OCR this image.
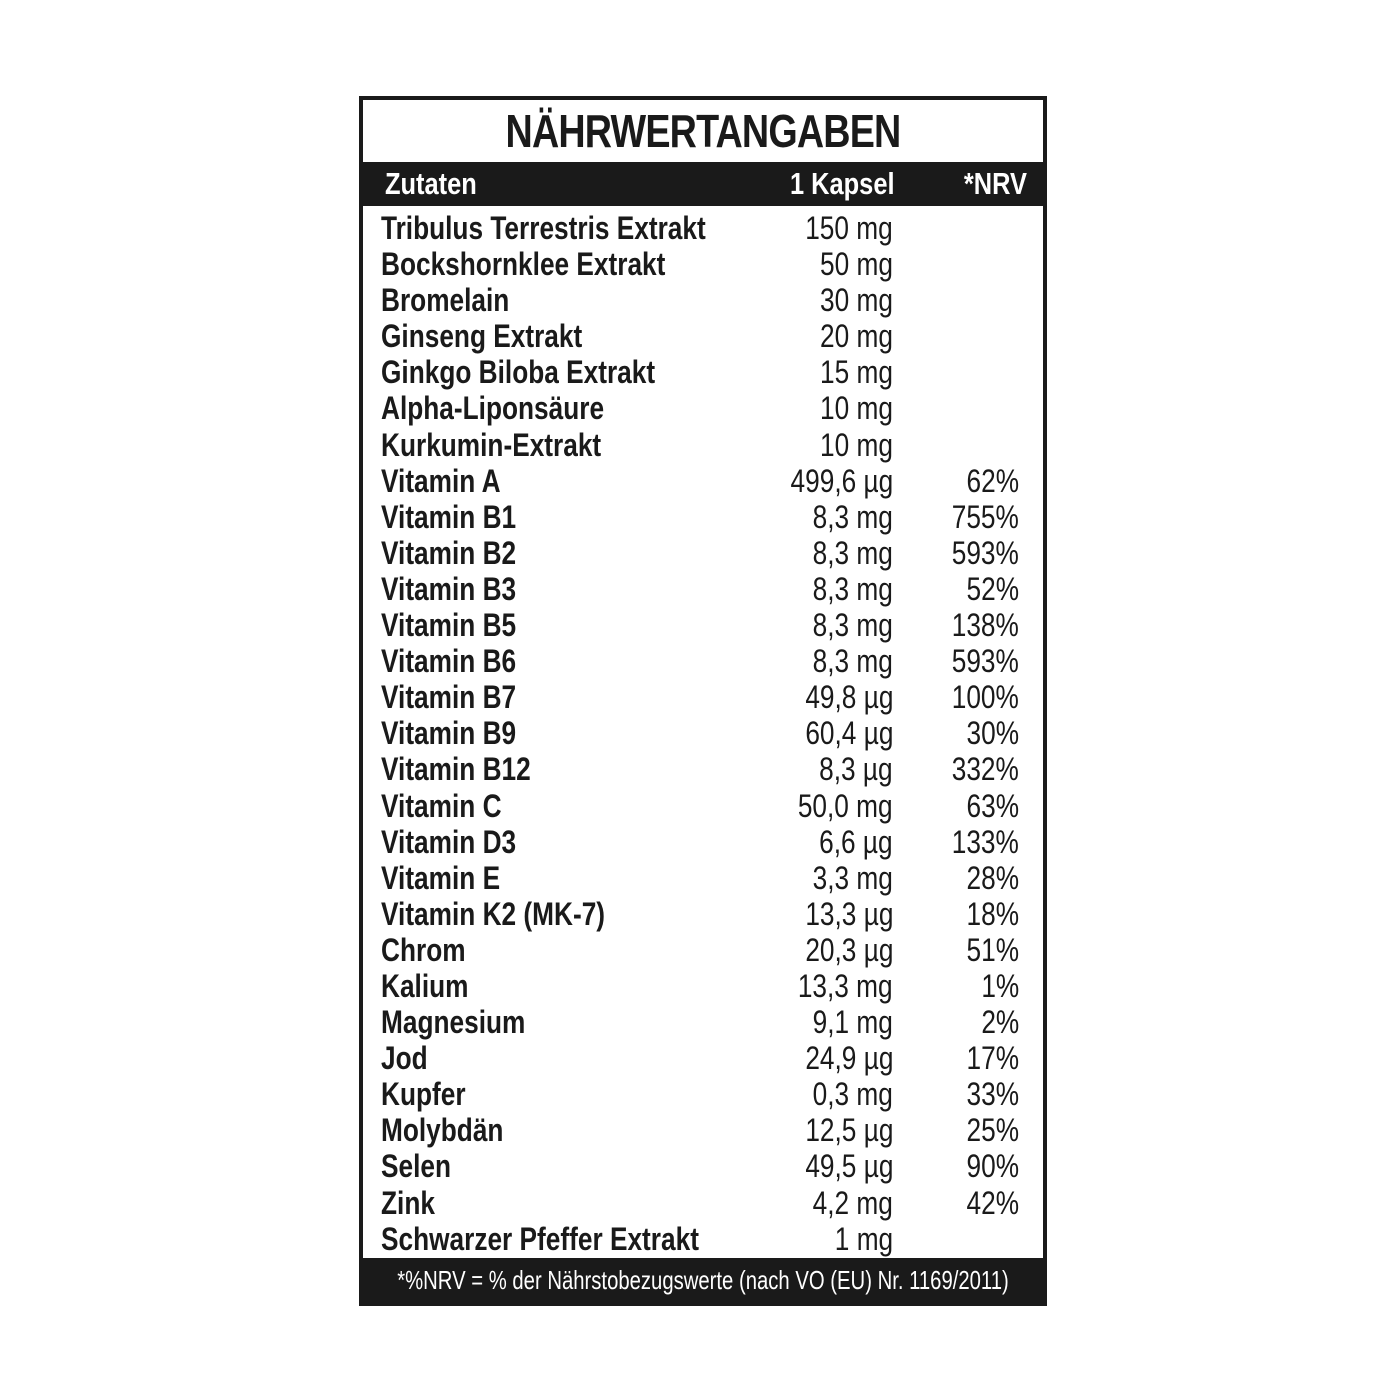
NÄHRWERTANGABEN
Zutaten	1 Kapsel *NRV
Tribulus Terrestris Extrakt	150 mg
Bockshornklee Extrakt	50 mg
Bromelain	30 mg
Ginseng Extrakt	20 mg
Ginkgo Biloba Extrakt	15 mg
Alpha-Liponsäure	10 mg
Kurkumin-Extrakt	10 mg
Vitamin A	499,6 µg 62%
Vitamin B1	8,3 mg 755%
Vitamin B2	8,3 mg 593%
Vitamin B3	8,3 mg 52%
Vitamin B5	8,3 mg 138%
Vitamin B6	8,3 mg 593%
Vitamin B7	49,8 µg 100%
Vitamin B9	60,4 µg 30%
Vitamin B12	8,3 µg 332%
Vitamin C	50,0 mg 63%
Vitamin D3	6,6 µg 133%
Vitamin E	3,3 mg 28%
Vitamin K2 (MK-7)	13,3 µg 18%
Chrom	20,3 µg 51%
Kalium	13,3 mg	1%
Magnesium	9,1 mg	2%
Jod	24,9 µg 17%
Kupfer	0,3 mg 33%
Molybdän	12,5 µg 25%
Selen	49,5 µg 90%
Zink	4,2 mg 42%
Schwarzer Pfeffer Extrakt	1 mg
*%NRV = % der Nährstobezugswerte (nach VO (EU) Nr. 1169/2011)
